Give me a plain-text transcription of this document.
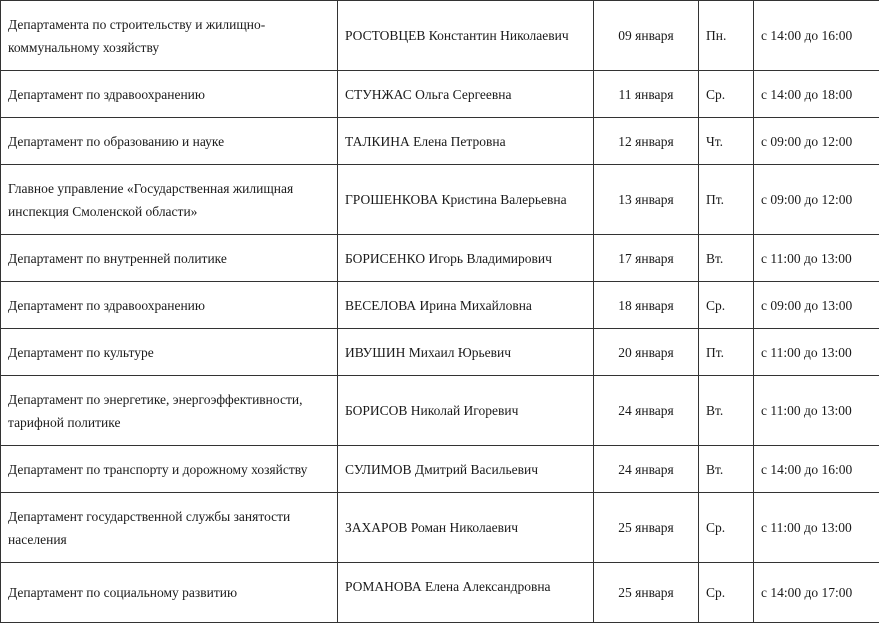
Департамента по строительству и жилищно-коммунальному хозяйству	РОСТОВЦЕВ Константин Николаевич	09 января	Пн.	с 14:00 до 16:00
Департамент по здравоохранению	СТУНЖАС Ольга Сергеевна	11 января	Ср.	с 14:00 до 18:00
Департамент по образованию и науке	ТАЛКИНА Елена Петровна	12 января	Чт.	с 09:00 до 12:00
Главное управление «Государственная жилищная инспекция Смоленской области»	ГРОШЕНКОВА Кристина Валерьевна	13 января	Пт.	с 09:00 до 12:00
Департамент по внутренней политике	БОРИСЕНКО Игорь Владимирович	17 января	Вт.	с 11:00 до 13:00
Департамент по здравоохранению	ВЕСЕЛОВА Ирина Михайловна	18 января	Ср.	с 09:00 до 13:00
Департамент по культуре	ИВУШИН Михаил Юрьевич	20 января	Пт.	с 11:00 до 13:00
Департамент по энергетике, энергоэффективности, тарифной политике	БОРИСОВ Николай Игоревич	24 января	Вт.	с 11:00 до 13:00
Департамент по транспорту и дорожному хозяйству	СУЛИМОВ Дмитрий Васильевич	24 января	Вт.	с 14:00 до 16:00
Департамент государственной службы занятости населения	ЗАХАРОВ Роман Николаевич	25 января	Ср.	с 11:00 до 13:00
Департамент по социальному развитию	РОМАНОВА Елена Александровна	25 января	Ср.	с 14:00 до 17:00
